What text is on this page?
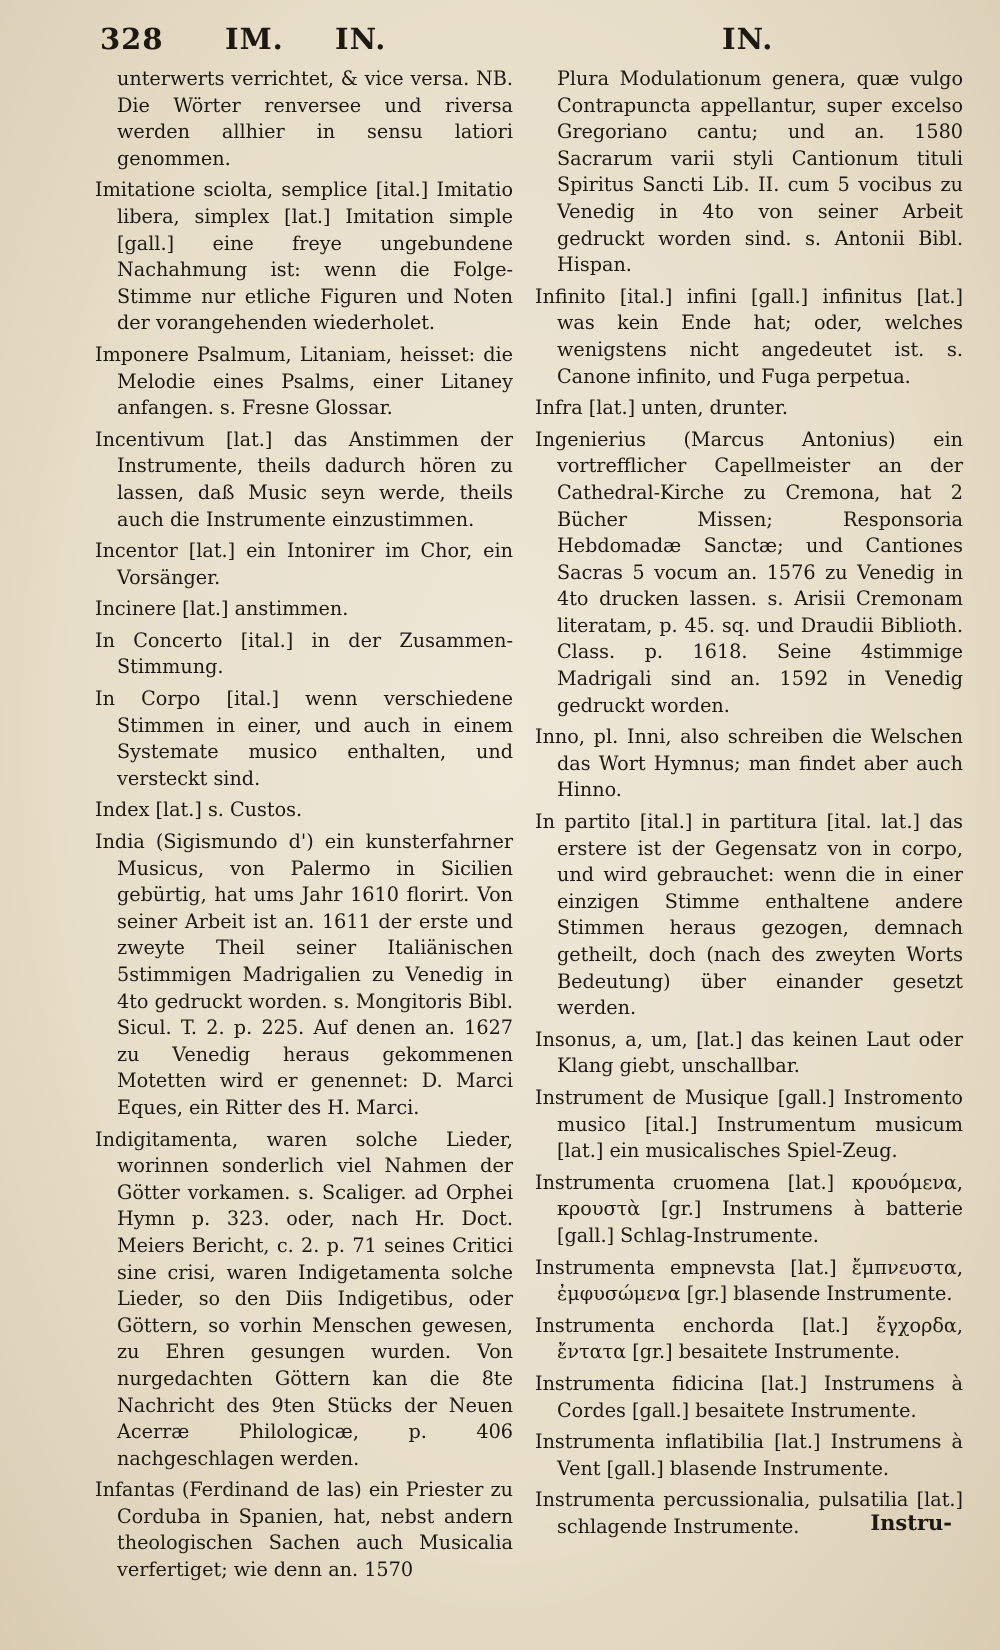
328 IM. IN.	IN.

unterwerts verrichtet, & vice versa. NB. Die Wörter renversee und riversa werden allhier in sensu latiori genommen.

Imitatione sciolta, semplice [ital.] Imitatio libera, simplex [lat.] Imitation simple [gall.] eine freye ungebundene Nachahmung ist: wenn die Folge-Stimme nur etliche Figuren und Noten der vorangehenden wiederholet.

Imponere Psalmum, Litaniam, heisset: die Melodie eines Psalms, einer Litaney anfangen. s. Fresne Glossar.

Incentivum [lat.] das Anstimmen der Instrumente, theils dadurch hören zu lassen, daß Music seyn werde, theils auch die Instrumente einzustimmen.

Incentor [lat.] ein Intonirer im Chor, ein Vorsänger.

Incinere [lat.] anstimmen.

In Concerto [ital.] in der Zusammen-Stimmung.

In Corpo [ital.] wenn verschiedene Stimmen in einer, und auch in einem Systemate musico enthalten, und versteckt sind.

Index [lat.] s. Custos.

India (Sigismundo d') ein kunsterfahrner Musicus, von Palermo in Sicilien gebürtig, hat ums Jahr 1610 florirt. Von seiner Arbeit ist an. 1611 der erste und zweyte Theil seiner Italiänischen 5stimmigen Madrigalien zu Venedig in 4to gedruckt worden. s. Mongitoris Bibl. Sicul. T. 2. p. 225. Auf denen an. 1627 zu Venedig heraus gekommenen Motetten wird er genennet: D. Marci Eques, ein Ritter des H. Marci.

Indigitamenta, waren solche Lieder, worinnen sonderlich viel Nahmen der Götter vorkamen. s. Scaliger. ad Orphei Hymn p. 323. oder, nach Hr. Doct. Meiers Bericht, c. 2. p. 71 seines Critici sine crisi, waren Indigetamenta solche Lieder, so den Diis Indigetibus, oder Göttern, so vorhin Menschen gewesen, zu Ehren gesungen wurden. Von nurgedachten Göttern kan die 8te Nachricht des 9ten Stücks der Neuen Acerræ Philologicæ, p. 406 nachgeschlagen werden.

Infantas (Ferdinand de las) ein Priester zu Corduba in Spanien, hat, nebst andern theologischen Sachen auch Musicalia verfertiget; wie denn an. 1570

Plura Modulationum genera, quæ vulgo Contrapuncta appellantur, super excelso Gregoriano cantu; und an. 1580 Sacrarum varii styli Cantionum tituli Spiritus Sancti Lib. II. cum 5 vocibus zu Venedig in 4to von seiner Arbeit gedruckt worden sind. s. Antonii Bibl. Hispan.

Infinito [ital.] infini [gall.] infinitus [lat.] was kein Ende hat; oder, welches wenigstens nicht angedeutet ist. s. Canone infinito, und Fuga perpetua.

Infra [lat.] unten, drunter.

Ingenierius (Marcus Antonius) ein vortrefflicher Capellmeister an der Cathedral-Kirche zu Cremona, hat 2 Bücher Missen; Responsoria Hebdomadæ Sanctæ; und Cantiones Sacras 5 vocum an. 1576 zu Venedig in 4to drucken lassen. s. Arisii Cremonam literatam, p. 45. sq. und Draudii Biblioth. Class. p. 1618. Seine 4stimmige Madrigali sind an. 1592 in Venedig gedruckt worden.

Inno, pl. Inni, also schreiben die Welschen das Wort Hymnus; man findet aber auch Hinno.

In partito [ital.] in partitura [ital. lat.] das erstere ist der Gegensatz von in corpo, und wird gebrauchet: wenn die in einer einzigen Stimme enthaltene andere Stimmen heraus gezogen, demnach getheilt, doch (nach des zweyten Worts Bedeutung) über einander gesetzt werden.

Insonus, a, um, [lat.] das keinen Laut oder Klang giebt, unschallbar.

Instrument de Musique [gall.] Instromento musico [ital.] Instrumentum musicum [lat.] ein musicalisches Spiel-Zeug.

Instrumenta cruomena [lat.] κρουόμενα, κρουστὰ [gr.] Instrumens à batterie [gall.] Schlag-Instrumente.

Instrumenta empnevsta [lat.] ἔμπνευστα, ἐμφυσώμενα [gr.] blasende Instrumente.

Instrumenta enchorda [lat.] ἔγχορδα, ἔντατα [gr.] besaitete Instrumente.

Instrumenta fidicina [lat.] Instrumens à Cordes [gall.] besaitete Instrumente.

Instrumenta inflatibilia [lat.] Instrumens à Vent [gall.] blasende Instrumente.

Instrumenta percussionalia, pulsatilia [lat.] schlagende Instrumente.	Instru-
